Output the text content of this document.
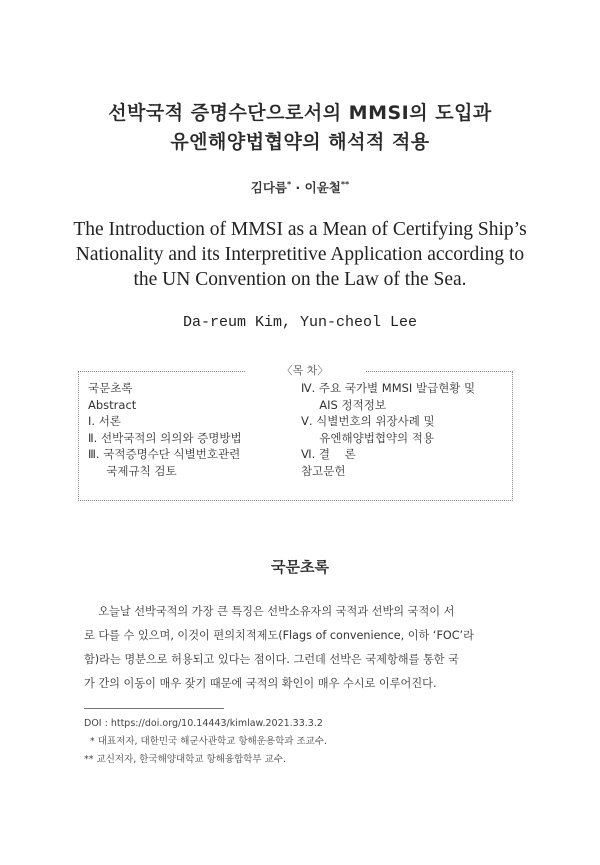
선박국적 증명수단으로서의 MMSI의 도입과
유엔해양법협약의 해석적 적용
김다름* · 이윤철**
The Introduction of MMSI as a Mean of Certifying Ship’s
Nationality and its Interpretitive Application according to
the UN Convention on the Law of the Sea.
Da-reum Kim, Yun-cheol Lee
〈목 차〉
국문초록
Abstract
Ⅰ. 서론
Ⅱ. 선박국적의 의의와 증명방법
Ⅲ. 국적증명수단 식별번호관련
국제규칙 검토
Ⅳ. 주요 국가별 MMSI 발급현황 및
AIS 정적정보
Ⅴ. 식별번호의 위장사례 및
유엔해양법협약의 적용
Ⅵ. 결    론
참고문헌
국문초록
오늘날 선박국적의 가장 큰 특징은 선박소유자의 국적과 선박의 국적이 서
로 다를 수 있으며, 이것이 편의치적제도(Flags of convenience, 이하 ‘FOC’라
함)라는 명분으로 허용되고 있다는 점이다. 그런데 선박은 국제항해를 통한 국
가 간의 이동이 매우 잦기 때문에 국적의 확인이 매우 수시로 이루어진다.
DOI : https://doi.org/10.14443/kimlaw.2021.33.3.2
* 대표저자, 대한민국 해군사관학교 항해운용학과 조교수.
** 교신저자, 한국해양대학교 항해융합학부 교수.
